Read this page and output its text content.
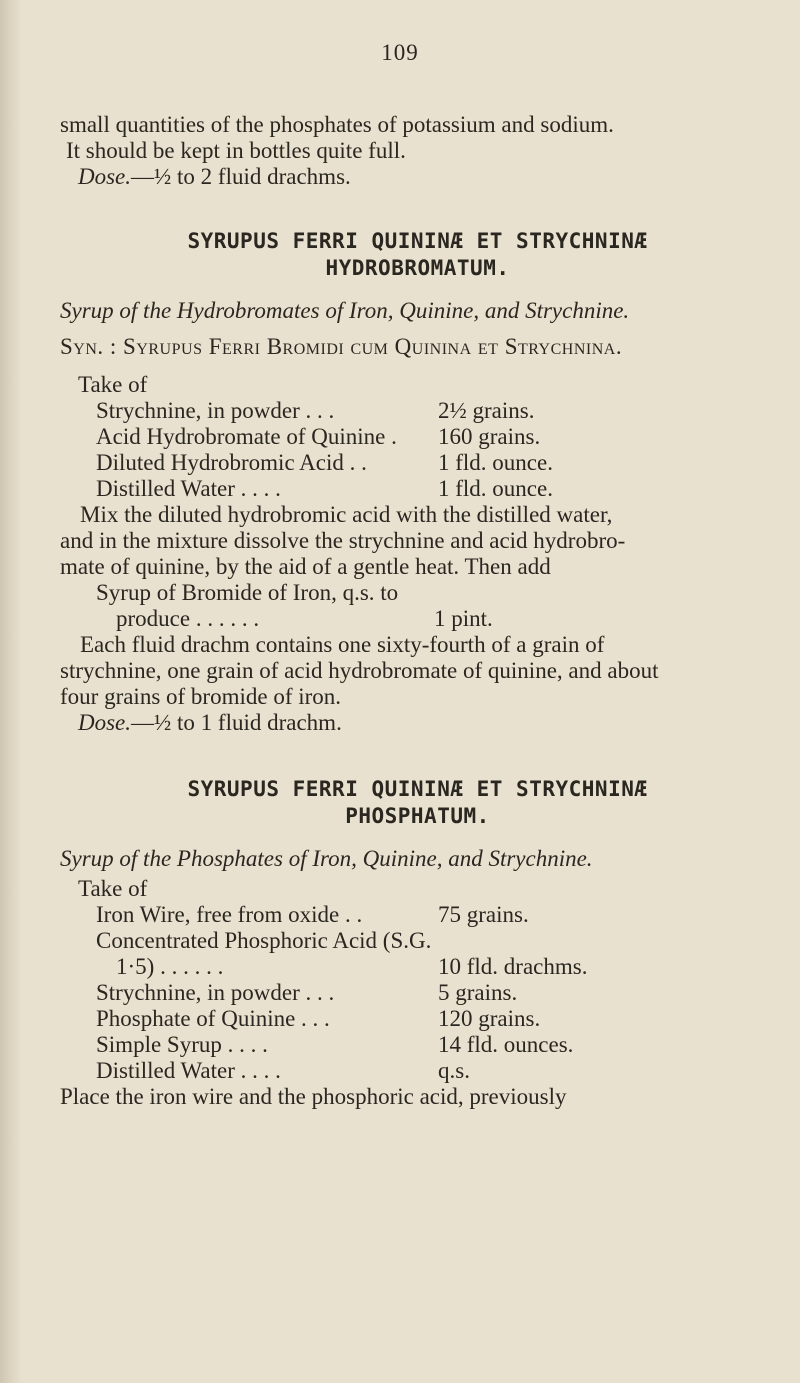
109

small quantities of the phosphates of potassium and sodium.

It should be kept in bottles quite full.

Dose.—½ to 2 fluid drachms.

SYRUPUS FERRI QUININÆ ET STRYCHNINÆ
HYDROBROMATUM.

Syrup of the Hydrobromates of Iron, Quinine, and Strychnine.

Syn. : Syrupus Ferri Bromidi cum Quinina et Strychnina.

Take of

Strychnine, in powder . . .	2½ grains.
Acid Hydrobromate of Quinine .	160 grains.
Diluted Hydrobromic Acid . .	1 fld. ounce.
Distilled Water . . . .	1 fld. ounce.

Mix the diluted hydrobromic acid with the distilled water,

and in the mixture dissolve the strychnine and acid hydrobro-

mate of quinine, by the aid of a gentle heat. Then add

Syrup of Bromide of Iron, q.s. to
produce . . . . . .	1 pint.

Each fluid drachm contains one sixty-fourth of a grain of

strychnine, one grain of acid hydrobromate of quinine, and about

four grains of bromide of iron.

Dose.—½ to 1 fluid drachm.

SYRUPUS FERRI QUININÆ ET STRYCHNINÆ
PHOSPHATUM.

Syrup of the Phosphates of Iron, Quinine, and Strychnine.

Take of

Iron Wire, free from oxide . .	75 grains.
Concentrated Phosphoric Acid (S.G.
1·5) . . . . . .	10 fld. drachms.
Strychnine, in powder . . .	5 grains.
Phosphate of Quinine . . .	120 grains.
Simple Syrup . . . .	14 fld. ounces.
Distilled Water . . . .	q.s.

Place the iron wire and the phosphoric acid, previously
